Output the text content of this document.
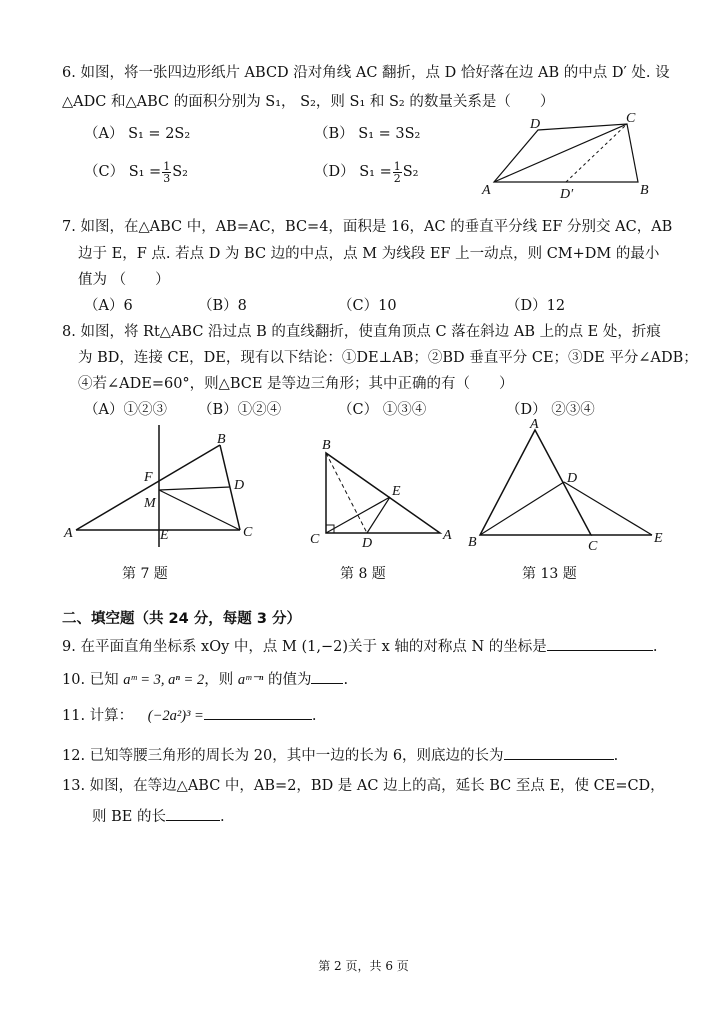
6. 如图，将一张四边形纸片 ABCD 沿对角线 AC 翻折，点 D 恰好落在边 AB 的中点 D′ 处. 设
△ADC 和△ABC 的面积分别为 S₁， S₂，则 S₁ 和 S₂ 的数量关系是（　　）
（A） S₁ = 2S₂	（B） S₁ = 3S₂
（C） $S_1 = \frac{1}{3} S_2$	（D） $S_1 = \frac{1}{2} S_2$
A	B
C
D
D′
7. 如图，在△ABC 中，AB=AC，BC=4，面积是 16，AC 的垂直平分线 EF 分别交 AC，AB
边于 E，F 点. 若点 D 为 BC 边的中点，点 M 为线段 EF 上一动点，则 CM+DM 的最小
值为 （　　）
（A）6	（B）8	（C）10	（D）12
8. 如图，将 Rt△ABC 沿过点 B 的直线翻折，使直角顶点 C 落在斜边 AB 上的点 E 处，折痕
为 BD，连接 CE，DE，现有以下结论：①DE⊥AB；②BD 垂直平分 CE；③DE 平分∠ADB；
④若∠ADE=60°，则△BCE 是等边三角形；其中正确的有（　　）
（A）①②③ （B）①②④	（C） ①③④	（D） ②③④
A
B
C
D
E
F
M
第 7 题
B
C	D
E
A
第 8 题
A
B	C
D
E
第 13 题
二、填空题（共 24 分，每题 3 分）
9. 在平面直角坐标系 xOy 中，点 M (1,−2)关于 x 轴的对称点 N 的坐标是	.
10. 已知 aᵐ = 3, aⁿ = 2，则 aᵐ⁻ⁿ 的值为 .
11. 计算： (−2a²)³ =	.
12. 已知等腰三角形的周长为 20，其中一边的长为 6，则底边的长为	.
13. 如图，在等边△ABC 中，AB=2，BD 是 AC 边上的高，延长 BC 至点 E，使 CE=CD，
则 BE 的长	.
第 2 页，共 6 页
